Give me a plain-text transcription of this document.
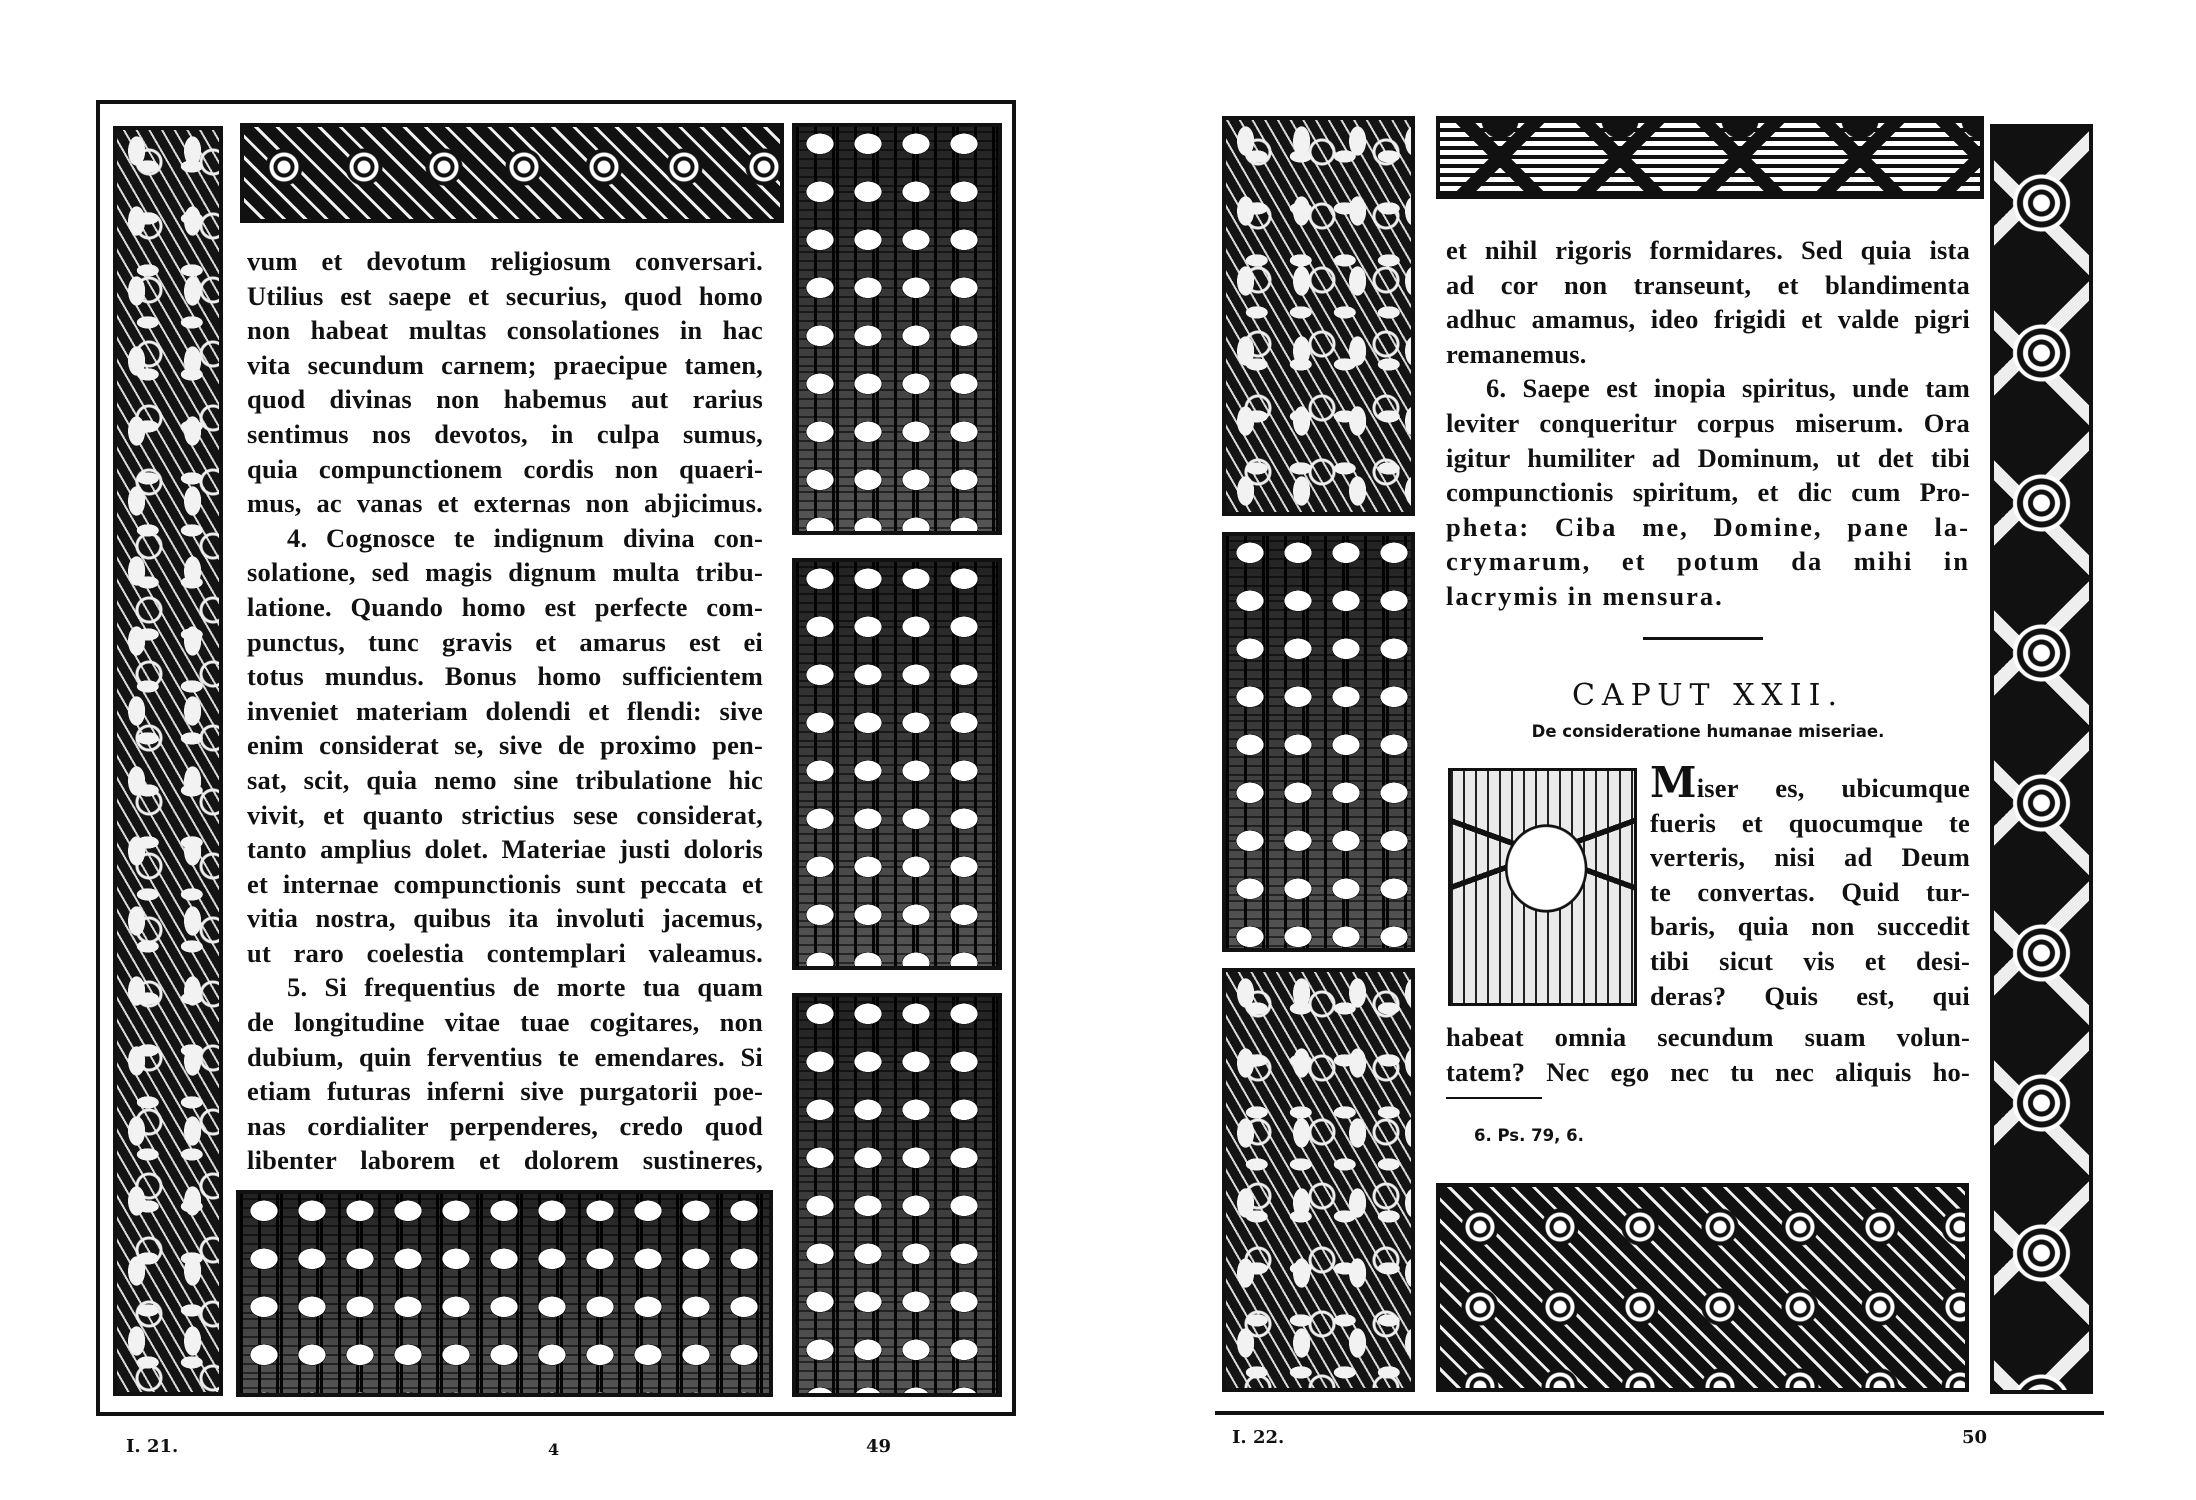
vum et devotum religiosum conversari.
Utilius est saepe et securius, quod homo
non habeat multas consolationes in hac
vita secundum carnem; praecipue tamen,
quod divinas non habemus aut rarius
sentimus nos devotos, in culpa sumus,
quia compunctionem cordis non quaeri-
mus, ac vanas et externas non abjicimus.
4. Cognosce te indignum divina con-
solatione, sed magis dignum multa tribu-
latione. Quando homo est perfecte com-
punctus, tunc gravis et amarus est ei
totus mundus. Bonus homo sufficientem
inveniet materiam dolendi et flendi: sive
enim considerat se, sive de proximo pen-
sat, scit, quia nemo sine tribulatione hic
vivit, et quanto strictius sese considerat,
tanto amplius dolet. Materiae justi doloris
et internae compunctionis sunt peccata et
vitia nostra, quibus ita involuti jacemus,
ut raro coelestia contemplari valeamus.
5. Si frequentius de morte tua quam
de longitudine vitae tuae cogitares, non
dubium, quin ferventius te emendares. Si
etiam futuras inferni sive purgatorii poe-
nas cordialiter perpenderes, credo quod
libenter laborem et dolorem sustineres,
I. 21.	4	49
et nihil rigoris formidares. Sed quia ista
ad cor non transeunt, et blandimenta
adhuc amamus, ideo frigidi et valde pigri
remanemus.
6. Saepe est inopia spiritus, unde tam
leviter conqueritur corpus miserum. Ora
igitur humiliter ad Dominum, ut det tibi
compunctionis spiritum, et dic cum Pro-
pheta: Ciba me, Domine, pane la-
crymarum, et potum da mihi in
lacrymis in mensura.
CAPUT XXII.
De consideratione humanae miseriae.
Miser es, ubicumque
fueris et quocumque te
verteris, nisi ad Deum
te convertas. Quid tur-
baris, quia non succedit
tibi sicut vis et desi-
deras? Quis est, qui
habeat omnia secundum suam volun-
tatem? Nec ego nec tu nec aliquis ho-
6. Ps. 79, 6.
I. 22.	50
